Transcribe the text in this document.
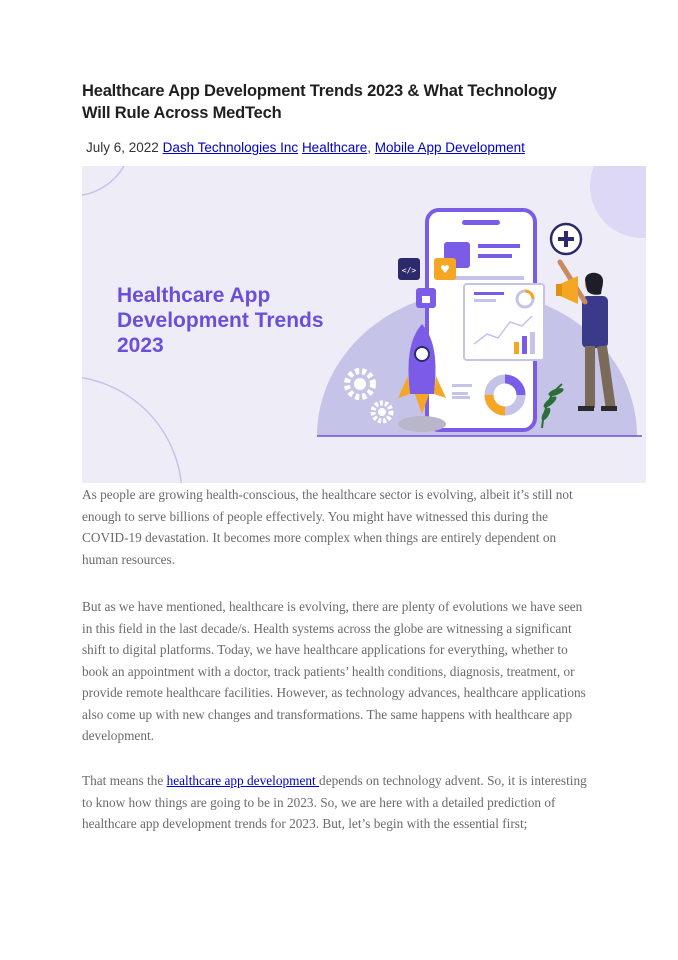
Healthcare App Development Trends 2023 & What Technology Will Rule Across MedTech
July 6, 2022 Dash Technologies Inc Healthcare, Mobile App Development
Healthcare App
Development Trends
2023
</> ♥
As people are growing health-conscious, the healthcare sector is evolving, albeit it’s still not enough to serve billions of people effectively. You might have witnessed this during the COVID-19 devastation. It becomes more complex when things are entirely dependent on human resources.
But as we have mentioned, healthcare is evolving, there are plenty of evolutions we have seen in this field in the last decade/s. Health systems across the globe are witnessing a significant shift to digital platforms. Today, we have healthcare applications for everything, whether to book an appointment with a doctor, track patients’ health conditions, diagnosis, treatment, or provide remote healthcare facilities. However, as technology advances, healthcare applications also come up with new changes and transformations. The same happens with healthcare app development.
That means the healthcare app development depends on technology advent. So, it is interesting to know how things are going to be in 2023. So, we are here with a detailed prediction of healthcare app development trends for 2023. But, let’s begin with the essential first;
